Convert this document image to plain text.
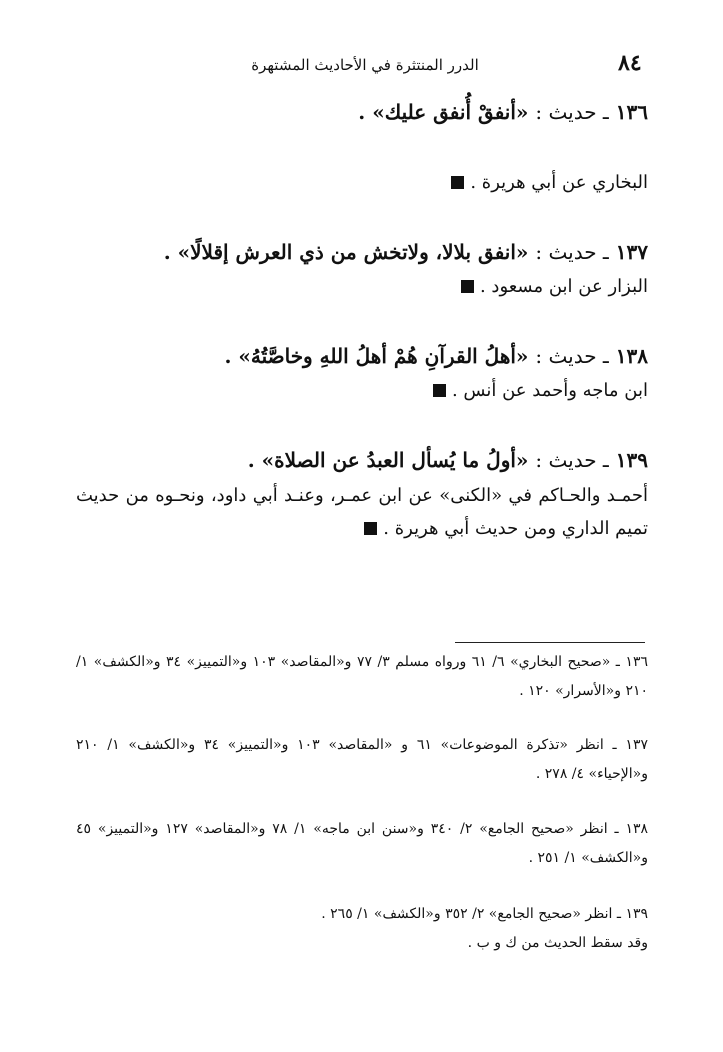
٨٤
الدرر المنتثرة في الأحاديث المشتهرة
١٣٦ ـ حديث : «أنفقْ أُنفق عليك» .
البخاري عن أبي هريرة .
١٣٧ ـ حديث : «انفق بلالا، ولاتخش من ذي العرش إقلالًا» .
البزار عن ابن مسعود .
١٣٨ ـ حديث : «أهلُ القرآنِ هُمْ أهلُ اللهِ وخاصَّتُهُ» .
ابن ماجه وأحمد عن أنس .
١٣٩ ـ حديث : «أولُ ما يُسأل العبدُ عن الصلاة» .
أحمـد والحـاكم في «الكنى» عن ابن عمـر، وعنـد أبي داود، ونحـوه من حديث تميم الداري ومن حديث أبي هريرة .
١٣٦ ـ «صحيح البخاري» ٦/ ٦١ ورواه مسلم ٣/ ٧٧ و«المقاصد» ١٠٣ و«التمييز» ٣٤ و«الكشف» ١/ ٢١٠ و«الأسرار» ١٢٠ .
١٣٧ ـ انظر «تذكرة الموضوعات» ٦١ و «المقاصد» ١٠٣ و«التمييز» ٣٤ و«الكشف» ١/ ٢١٠ و«الإحياء» ٤/ ٢٧٨ .
١٣٨ ـ انظر «صحيح الجامع» ٢/ ٣٤٠ و«سنن ابن ماجه» ١/ ٧٨ و«المقاصد» ١٢٧ و«التمييز» ٤٥ و«الكشف» ١/ ٢٥١ .
١٣٩ ـ انظر «صحيح الجامع» ٢/ ٣٥٢ و«الكشف» ١/ ٢٦٥ .
وقد سقط الحديث من ك و ب .
